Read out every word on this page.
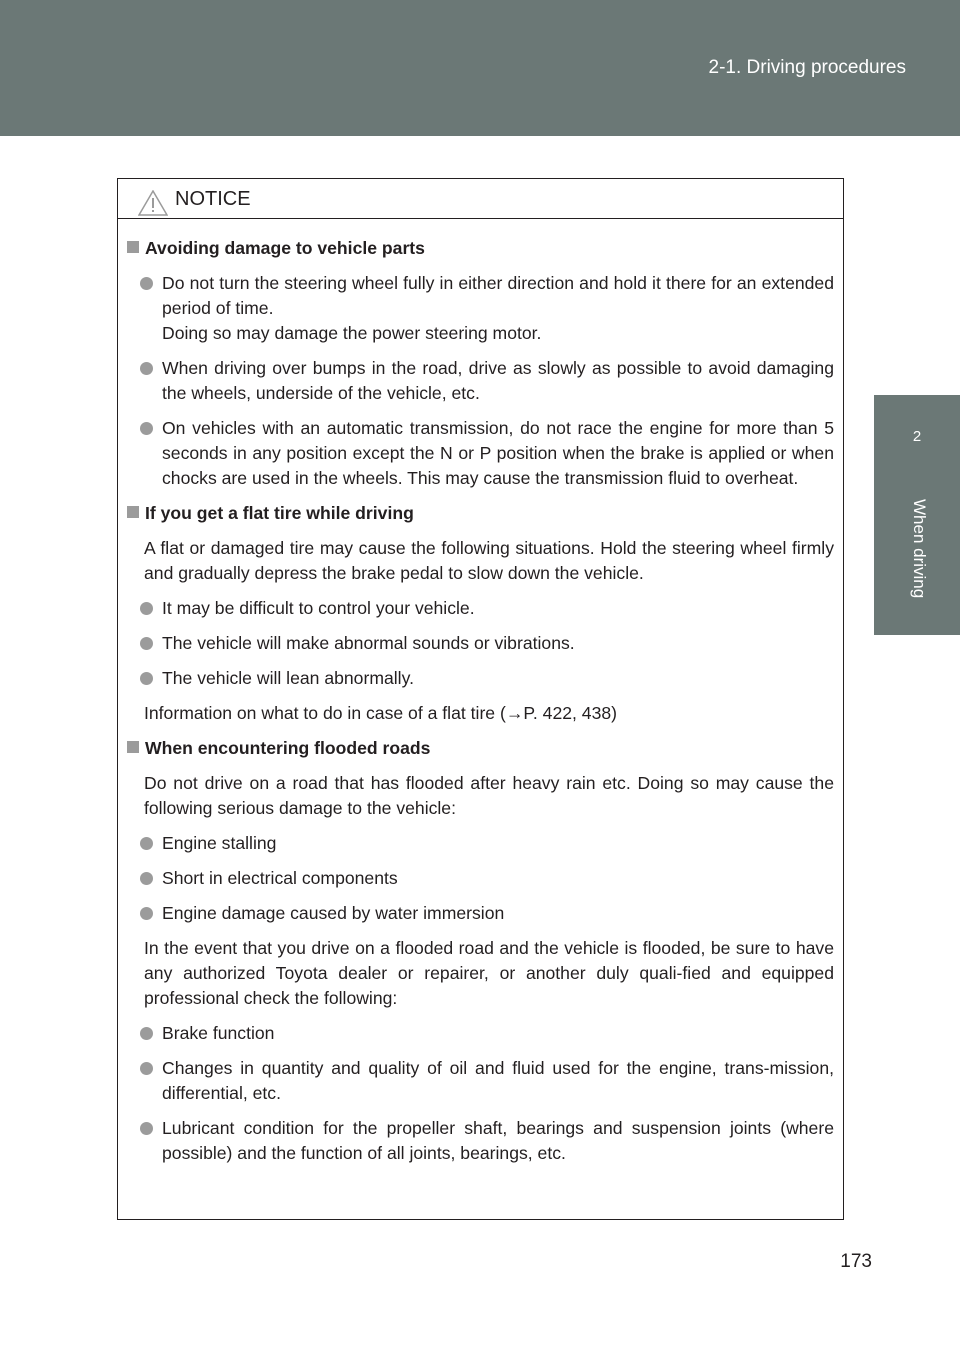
2-1. Driving procedures
2
When driving
NOTICE
Avoiding damage to vehicle parts
Do not turn the steering wheel fully in either direction and hold it there for an extended period of time.
Doing so may damage the power steering motor.
When driving over bumps in the road, drive as slowly as possible to avoid damaging the wheels, underside of the vehicle, etc.
On vehicles with an automatic transmission, do not race the engine for more than 5 seconds in any position except the N or P position when the brake is applied or when chocks are used in the wheels. This may cause the transmission fluid to overheat.
If you get a flat tire while driving
A flat or damaged tire may cause the following situations. Hold the steering wheel firmly and gradually depress the brake pedal to slow down the vehicle.
It may be difficult to control your vehicle.
The vehicle will make abnormal sounds or vibrations.
The vehicle will lean abnormally.
Information on what to do in case of a flat tire (→P. 422, 438)
When encountering flooded roads
Do not drive on a road that has flooded after heavy rain etc. Doing so may cause the following serious damage to the vehicle:
Engine stalling
Short in electrical components
Engine damage caused by water immersion
In the event that you drive on a flooded road and the vehicle is flooded, be sure to have any authorized Toyota dealer or repairer, or another duly quali-fied and equipped professional check the following:
Brake function
Changes in quantity and quality of oil and fluid used for the engine, trans-mission, differential, etc.
Lubricant condition for the propeller shaft, bearings and suspension joints (where possible) and the function of all joints, bearings, etc.
173
